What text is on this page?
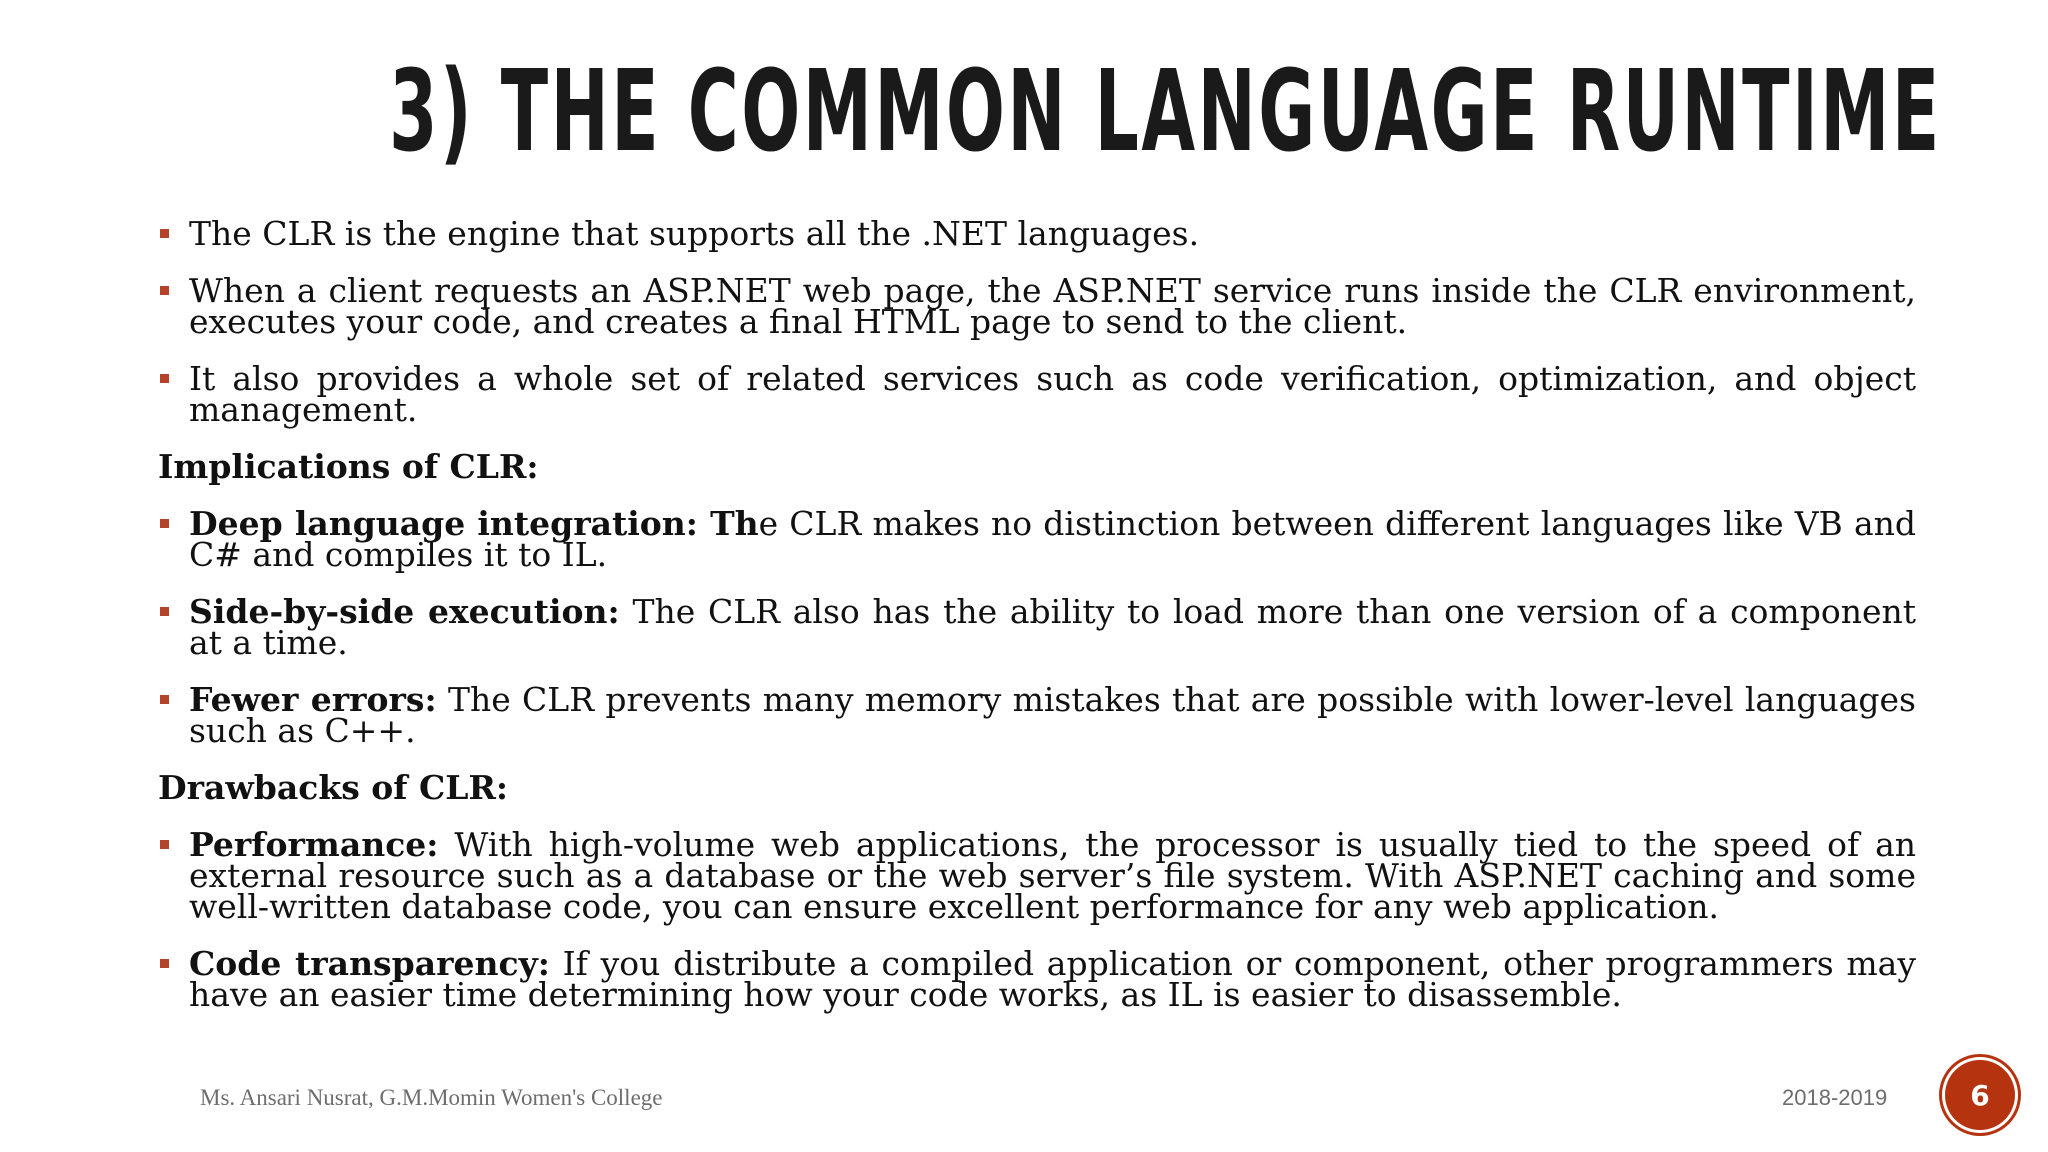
3) THE COMMON LANGUAGE RUNTIME
The CLR is the engine that supports all the .NET languages.
When a client requests an ASP.NET web page, the ASP.NET service runs inside the CLR environment, executes your code, and creates a final HTML page to send to the client.
It also provides a whole set of related services such as code verification, optimization, and object management.
Implications of CLR:
Deep language integration: The CLR makes no distinction between different languages like VB and C# and compiles it to IL.
Side-by-side execution: The CLR also has the ability to load more than one version of a component at a time.
Fewer errors: The CLR prevents many memory mistakes that are possible with lower-level languages such as C++.
Drawbacks of CLR:
Performance: With high-volume web applications, the processor is usually tied to the speed of an external resource such as a database or the web server’s file system. With ASP.NET caching and some well-written database code, you can ensure excellent performance for any web application.
Code transparency: If you distribute a compiled application or component, other programmers may have an easier time determining how your code works, as IL is easier to disassemble.
Ms. Ansari Nusrat, G.M.Momin Women's College	2018-2019	6
